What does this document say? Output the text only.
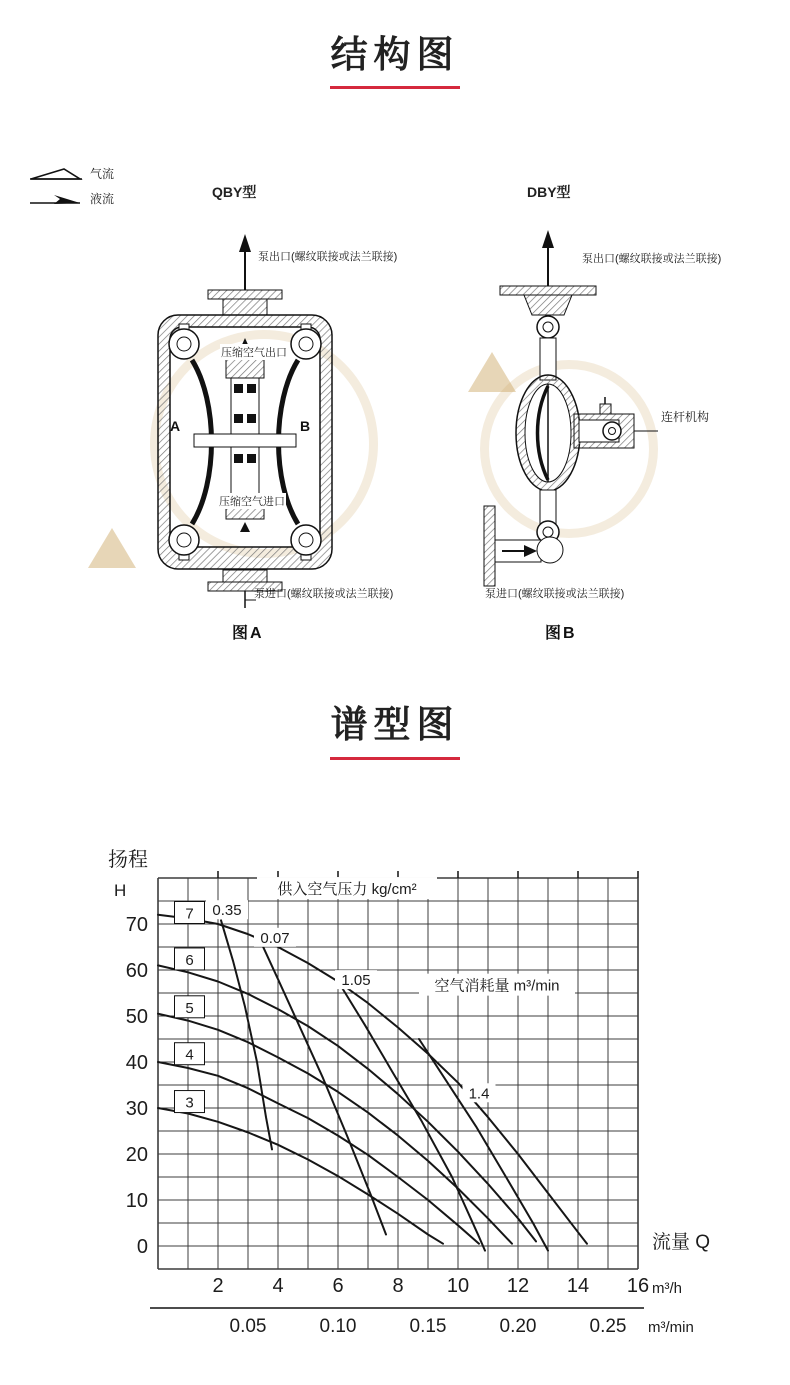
结构图
气流
液流	QBY型	DBY型
泵出口(螺纹联接或法兰联接)
压缩空气出口
A	B
压缩空气进口
泵进口(螺纹联接或法兰联接)
图A
泵出口(螺纹联接或法兰联接)
连杆机构
泵进口(螺纹联接或法兰联接)
图B
谱型图
0
10
20
30
40
50
60
70
2 4 6 8 10 12 14 16
0.05	0.10	0.15	0.20	0.25
扬程
H
流量 Q
m³/h
m³/min
供入空气压力 kg/cm²
空气消耗量 m³/min
7
6
5
4
3
0.35
0.07
1.05
1.4
